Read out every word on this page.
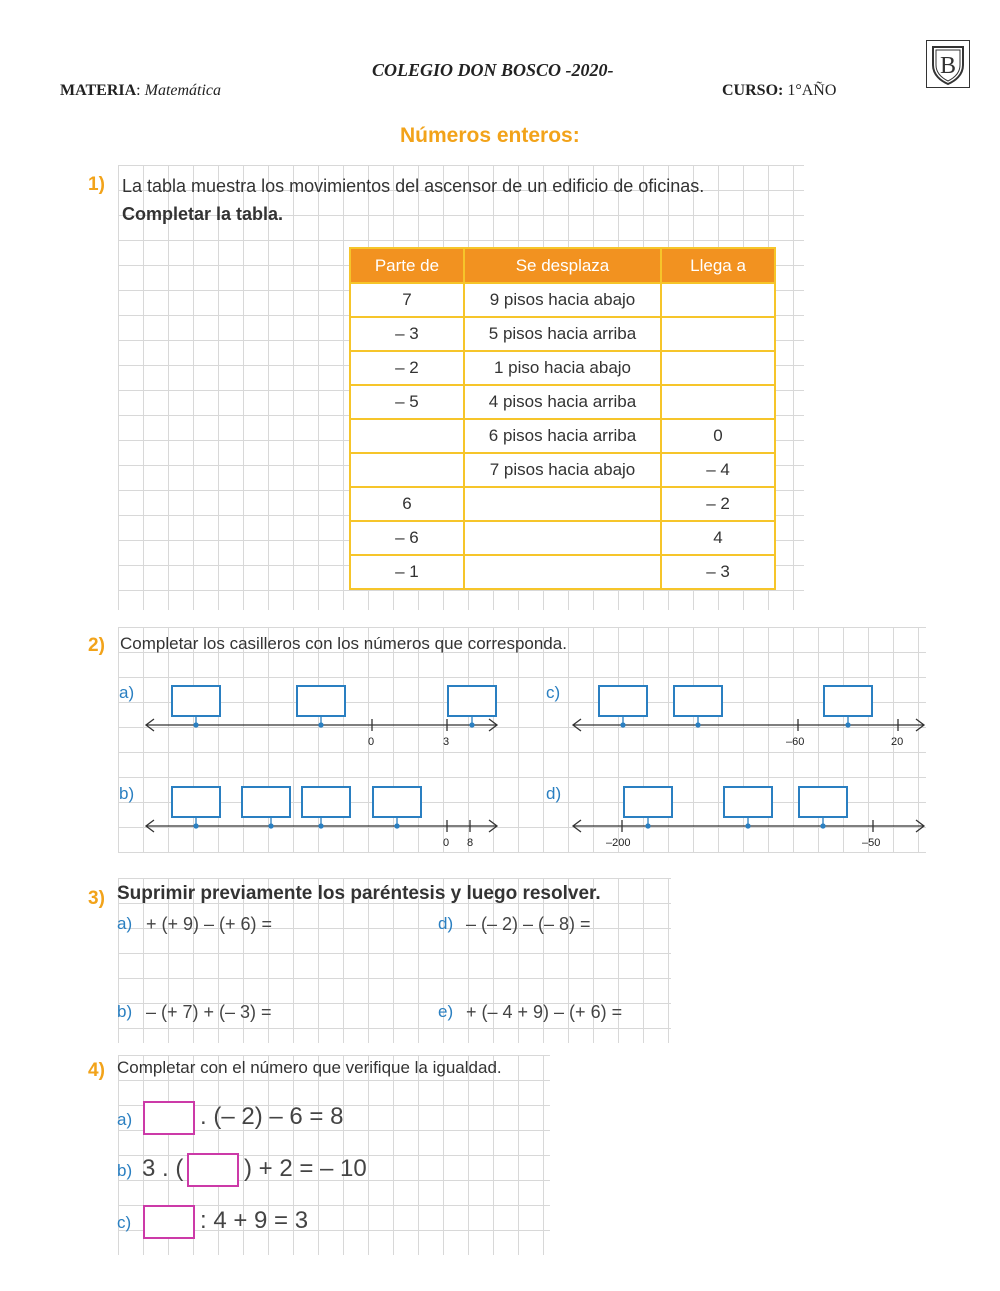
COLEGIO DON BOSCO -2020-
MATERIA: Matemática	CURSO: 1°AÑO
B
Números enteros:
1) La tabla muestra los movimientos del ascensor de un edificio de oficinas.
Completar la tabla.
Parte de	Se desplaza	Llega a
7	9 pisos hacia abajo	
– 3	5 pisos hacia arriba	
– 2	1 piso hacia abajo	
– 5	4 pisos hacia arriba	
	6 pisos hacia arriba	0
	7 pisos hacia abajo	– 4
6		– 2
– 6		4
– 1		– 3
2) Completar los casilleros con los números que corresponda.
a)
b)
c)
d)
0	3
0 8
–60	20
–200	–50
3) Suprimir previamente los paréntesis y luego resolver.
a) + (+ 9) – (+ 6) =	d) – (– 2) – (– 8) =
b) – (+ 7) + (– 3) =	e) + (– 4 + 9) – (+ 6) =
4) Completar con el número que verifique la igualdad.
a)	. (– 2) – 6 = 8
b) 3 . (	) + 2 = – 10
c)	: 4 + 9 = 3
